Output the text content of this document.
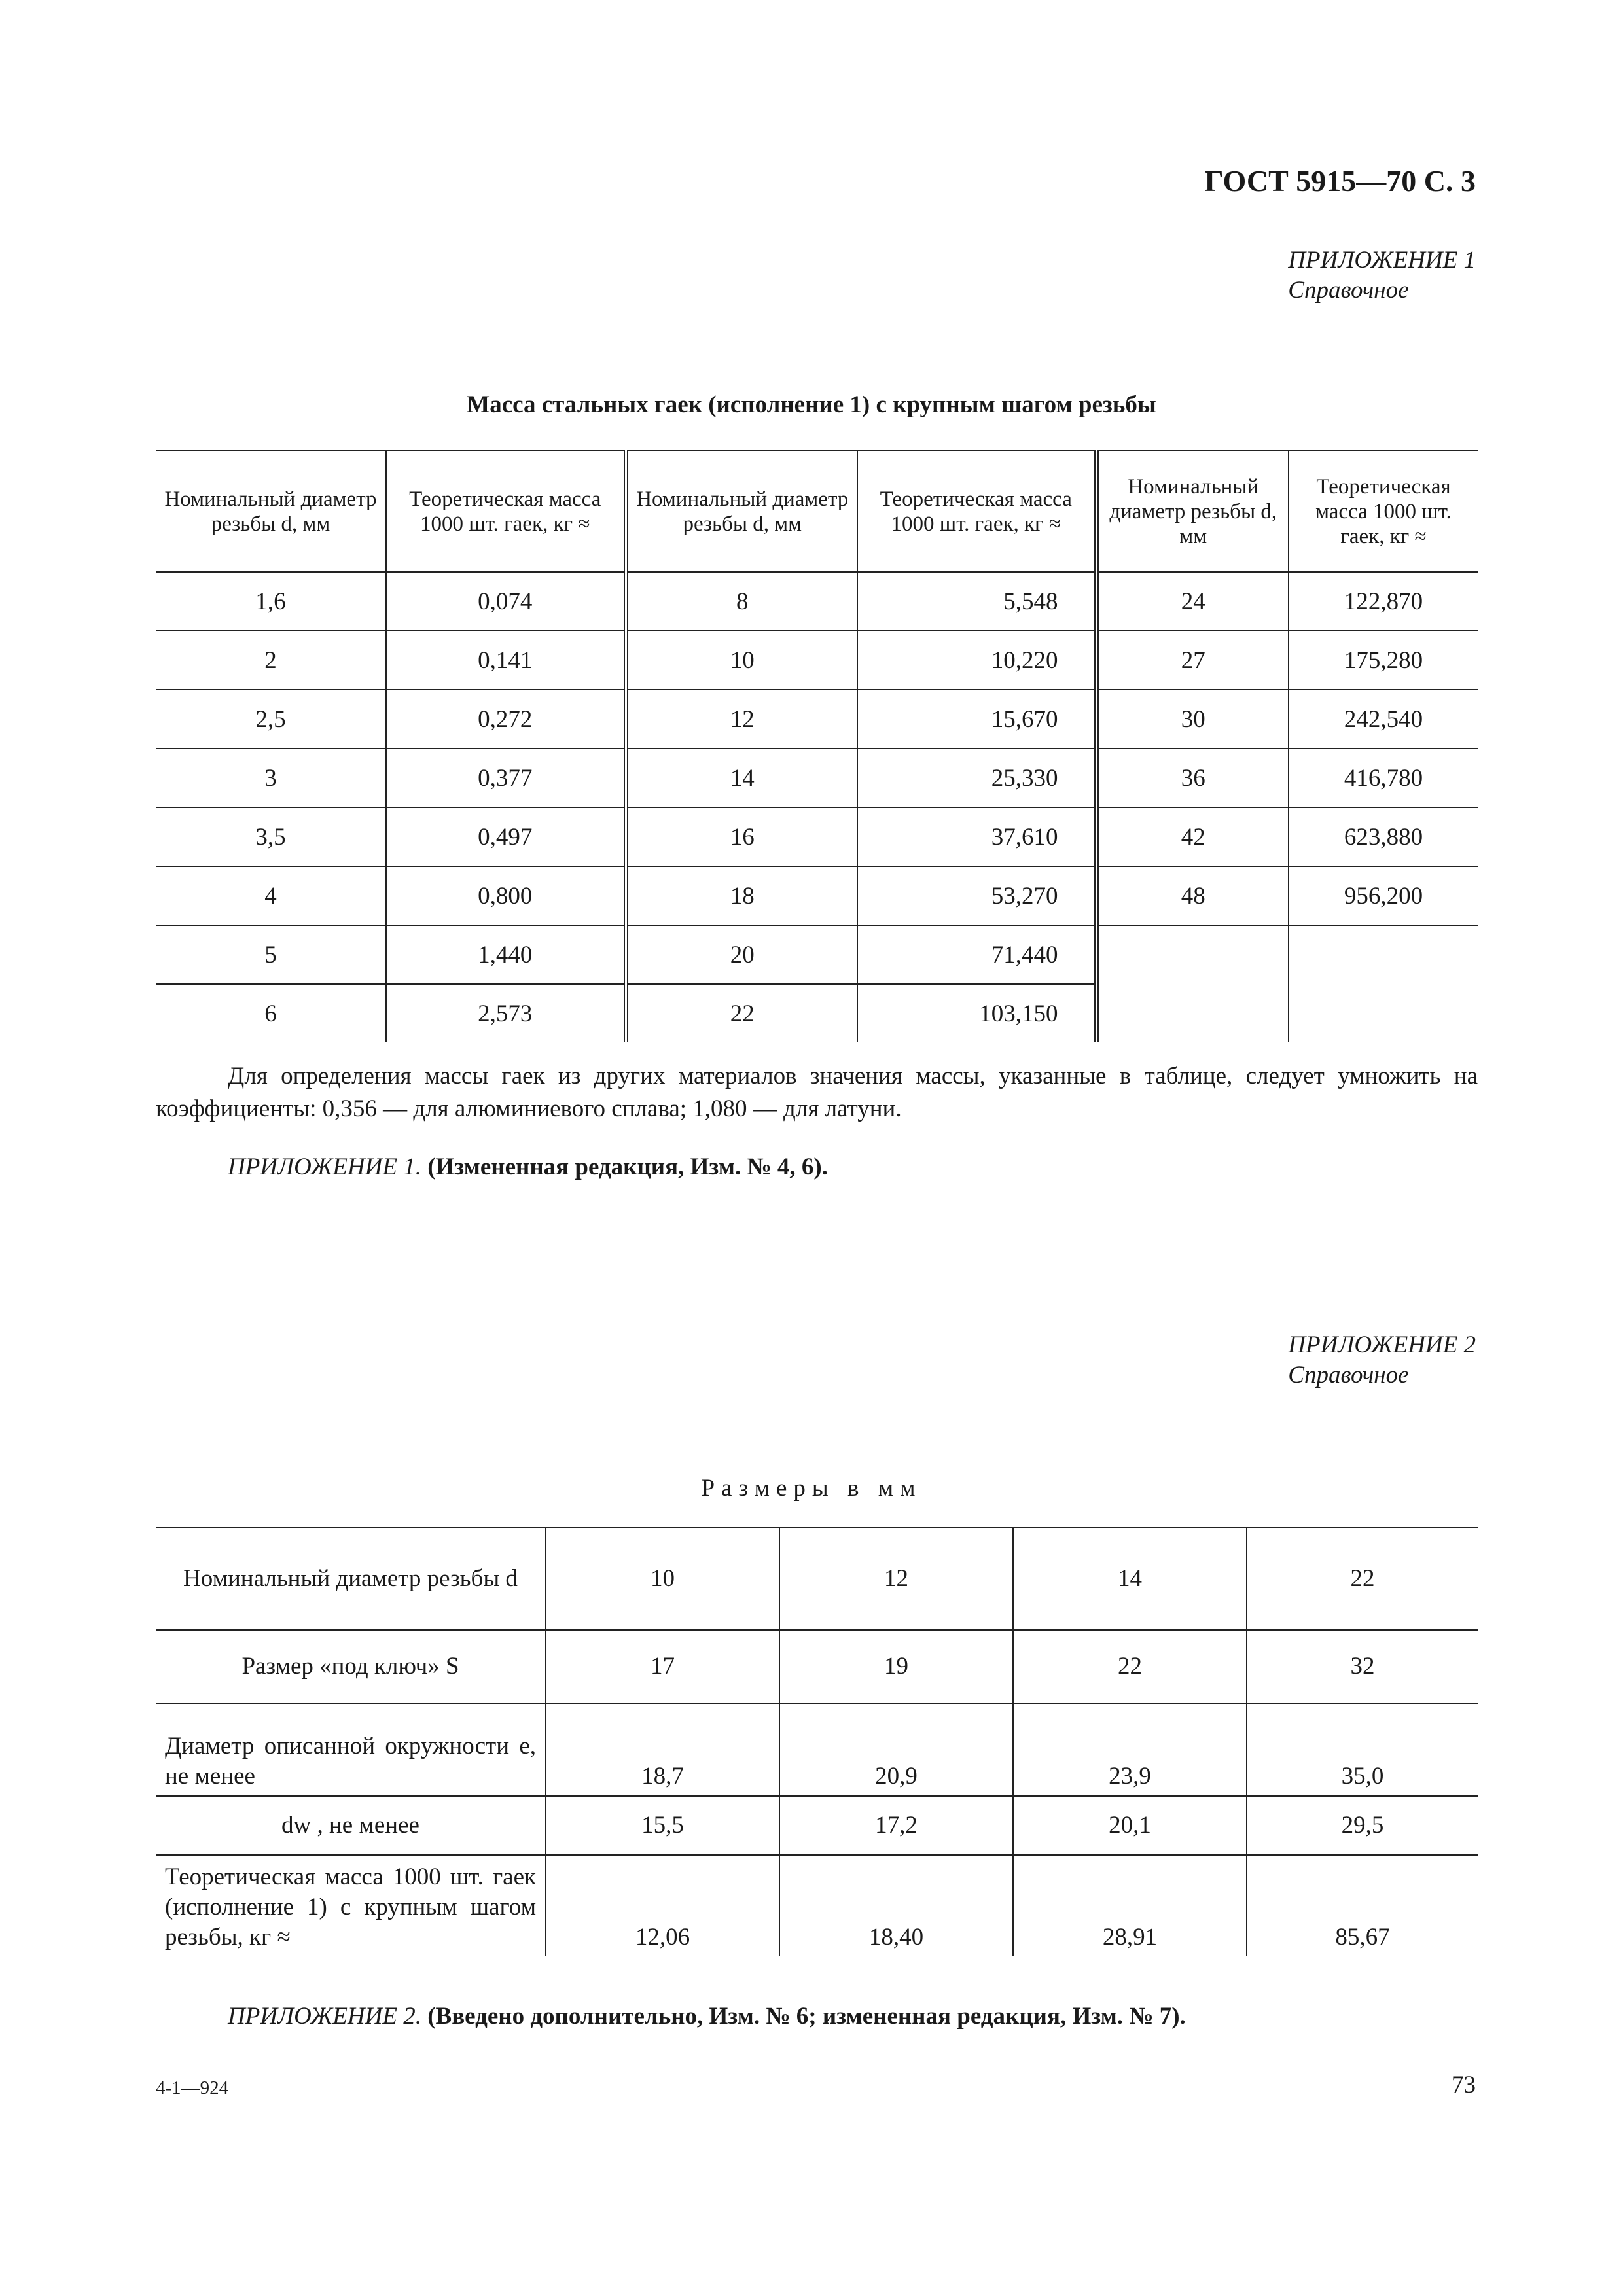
ГОСТ 5915—70 С. 3
ПРИЛОЖЕНИЕ 1
Справочное
Масса стальных гаек (исполнение 1) с крупным шагом резьбы
Номинальный диаметр резьбы d, мм	Теоретическая масса 1000 шт. гаек, кг ≈	Номинальный диаметр резьбы d, мм	Теоретическая масса 1000 шт. гаек, кг ≈	Номинальный диаметр резьбы d, мм	Теоретическая масса 1000 шт. гаек, кг ≈
1,6	0,074	8	5,548	24	122,870
2	0,141	10	10,220	27	175,280
2,5	0,272	12	15,670	30	242,540
3	0,377	14	25,330	36	416,780
3,5	0,497	16	37,610	42	623,880
4	0,800	18	53,270	48	956,200
5	1,440	20	71,440		
6	2,573	22	103,150		
Для определения массы гаек из других материалов значения массы, указанные в таблице, следует умножить на коэффициенты: 0,356 — для алюминиевого сплава; 1,080 — для латуни.
ПРИЛОЖЕНИЕ 1. (Измененная редакция, Изм. № 4, 6).
ПРИЛОЖЕНИЕ 2
Справочное
Размеры в мм
Номинальный диаметр резьбы d	10	12	14	22
Размер «под ключ» S	17	19	22	32
Диаметр описанной окружности e, не менее	18,7	20,9	23,9	35,0
dw , не менее	15,5	17,2	20,1	29,5
Теоретическая масса 1000 шт. гаек (исполнение 1) с крупным шагом резьбы, кг ≈	12,06	18,40	28,91	85,67
ПРИЛОЖЕНИЕ 2. (Введено дополнительно, Изм. № 6; измененная редакция, Изм. № 7).
4-1—924	73
